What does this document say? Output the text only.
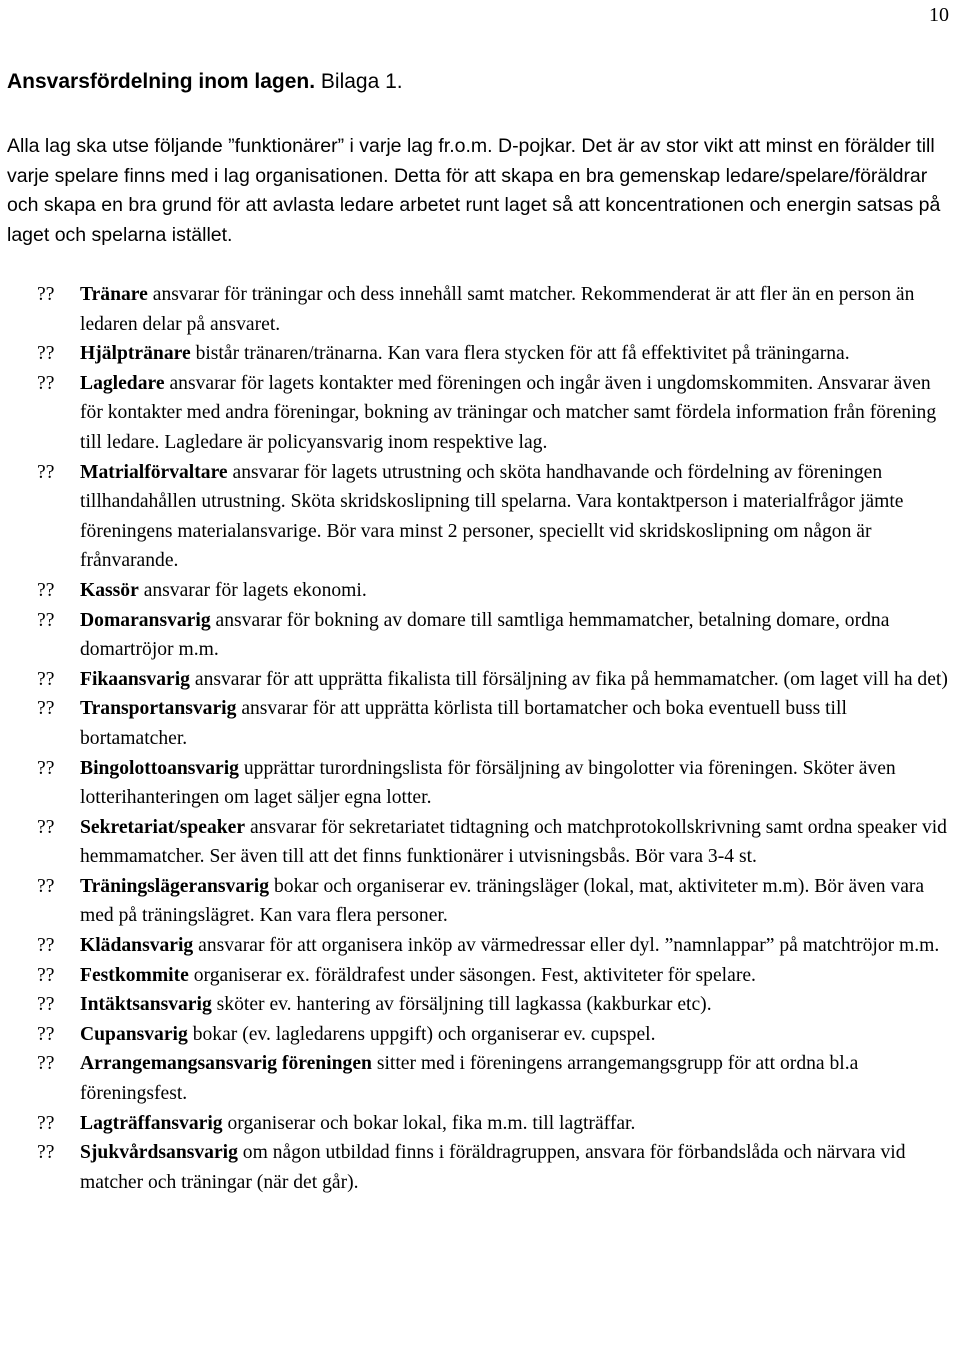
10
Ansvarsfördelning inom lagen. Bilaga 1.

Alla lag ska utse följande ”funktionärer” i varje lag fr.o.m. D-pojkar. Det är av stor vikt att minst en förälder till varje spelare finns med i lag organisationen. Detta för att skapa en bra gemenskap ledare/spelare/föräldrar och skapa en bra grund för att avlasta ledare arbetet runt laget så att koncentrationen och energin satsas på laget och spelarna istället.

?? Tränare ansvarar för träningar och dess innehåll samt matcher. Rekommenderat är att fler än en person än ledaren delar på ansvaret.
?? Hjälptränare bistår tränaren/tränarna. Kan vara flera stycken för att få effektivitet på träningarna.
?? Lagledare ansvarar för lagets kontakter med föreningen och ingår även i ungdomskommiten. Ansvarar även för kontakter med andra föreningar, bokning av träningar och matcher samt fördela information från förening till ledare. Lagledare är policyansvarig inom respektive lag.
?? Matrialförvaltare ansvarar för lagets utrustning och sköta handhavande och fördelning av föreningen tillhandahållen utrustning. Sköta skridskoslipning till spelarna. Vara kontaktperson i materialfrågor jämte föreningens materialansvarige. Bör vara minst 2 personer, speciellt vid skridskoslipning om någon är frånvarande.
?? Kassör ansvarar för lagets ekonomi.
?? Domaransvarig ansvarar för bokning av domare till samtliga hemmamatcher, betalning domare, ordna domartröjor m.m.
?? Fikaansvarig ansvarar för att upprätta fikalista till försäljning av fika på hemmamatcher. (om laget vill ha det)
?? Transportansvarig ansvarar för att upprätta körlista till bortamatcher och boka eventuell buss till bortamatcher.
?? Bingolottoansvarig upprättar turordningslista för försäljning av bingolotter via föreningen. Sköter även lotterihanteringen om laget säljer egna lotter.
?? Sekretariat/speaker ansvarar för sekretariatet tidtagning och matchprotokollskrivning samt ordna speaker vid hemmamatcher. Ser även till att det finns funktionärer i utvisningsbås. Bör vara 3-4 st.
?? Träningslägeransvarig bokar och organiserar ev. träningsläger (lokal, mat, aktiviteter m.m). Bör även vara med på träningslägret. Kan vara flera personer.
?? Klädansvarig ansvarar för att organisera inköp av värmedressar eller dyl. ”namnlappar” på matchtröjor m.m.
?? Festkommite organiserar ex. föräldrafest under säsongen. Fest, aktiviteter för spelare.
?? Intäktsansvarig sköter ev. hantering av försäljning till lagkassa (kakburkar etc).
?? Cupansvarig bokar (ev. lagledarens uppgift) och organiserar ev. cupspel.
?? Arrangemangsansvarig föreningen sitter med i föreningens arrangemangsgrupp för att ordna bl.a föreningsfest.
?? Lagträffansvarig organiserar och bokar lokal, fika m.m. till lagträffar.
?? Sjukvårdsansvarig om någon utbildad finns i föräldragruppen, ansvara för förbandslåda och närvara vid matcher och träningar (när det går).
